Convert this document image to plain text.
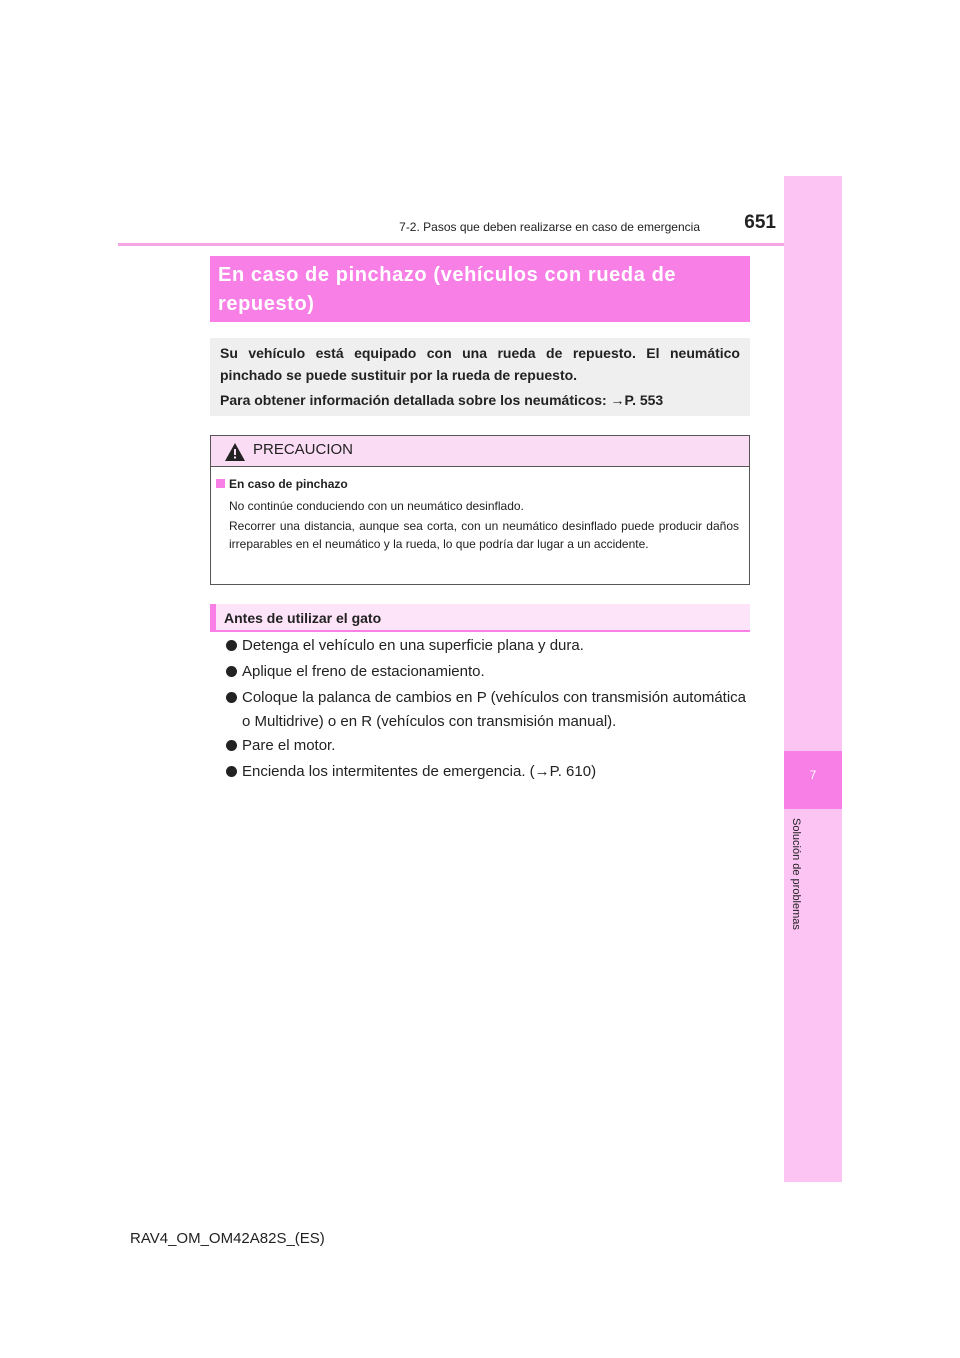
7-2. Pasos que deben realizarse en caso de emergencia	651
7
Solución de problemas
En caso de pinchazo (vehículos con rueda de repuesto)
Su vehículo está equipado con una rueda de repuesto. El neumático pinchado se puede sustituir por la rueda de repuesto.
Para obtener información detallada sobre los neumáticos: →P. 553
PRECAUCION
En caso de pinchazo
No continúe conduciendo con un neumático desinflado.
Recorrer una distancia, aunque sea corta, con un neumático desinflado puede producir daños irreparables en el neumático y la rueda, lo que podría dar lugar a un accidente.
Antes de utilizar el gato
Detenga el vehículo en una superficie plana y dura.
Aplique el freno de estacionamiento.
Coloque la palanca de cambios en P (vehículos con transmisión automática o Multidrive) o en R (vehículos con transmisión manual).
Pare el motor.
Encienda los intermitentes de emergencia. (→P. 610)
RAV4_OM_OM42A82S_(ES)
